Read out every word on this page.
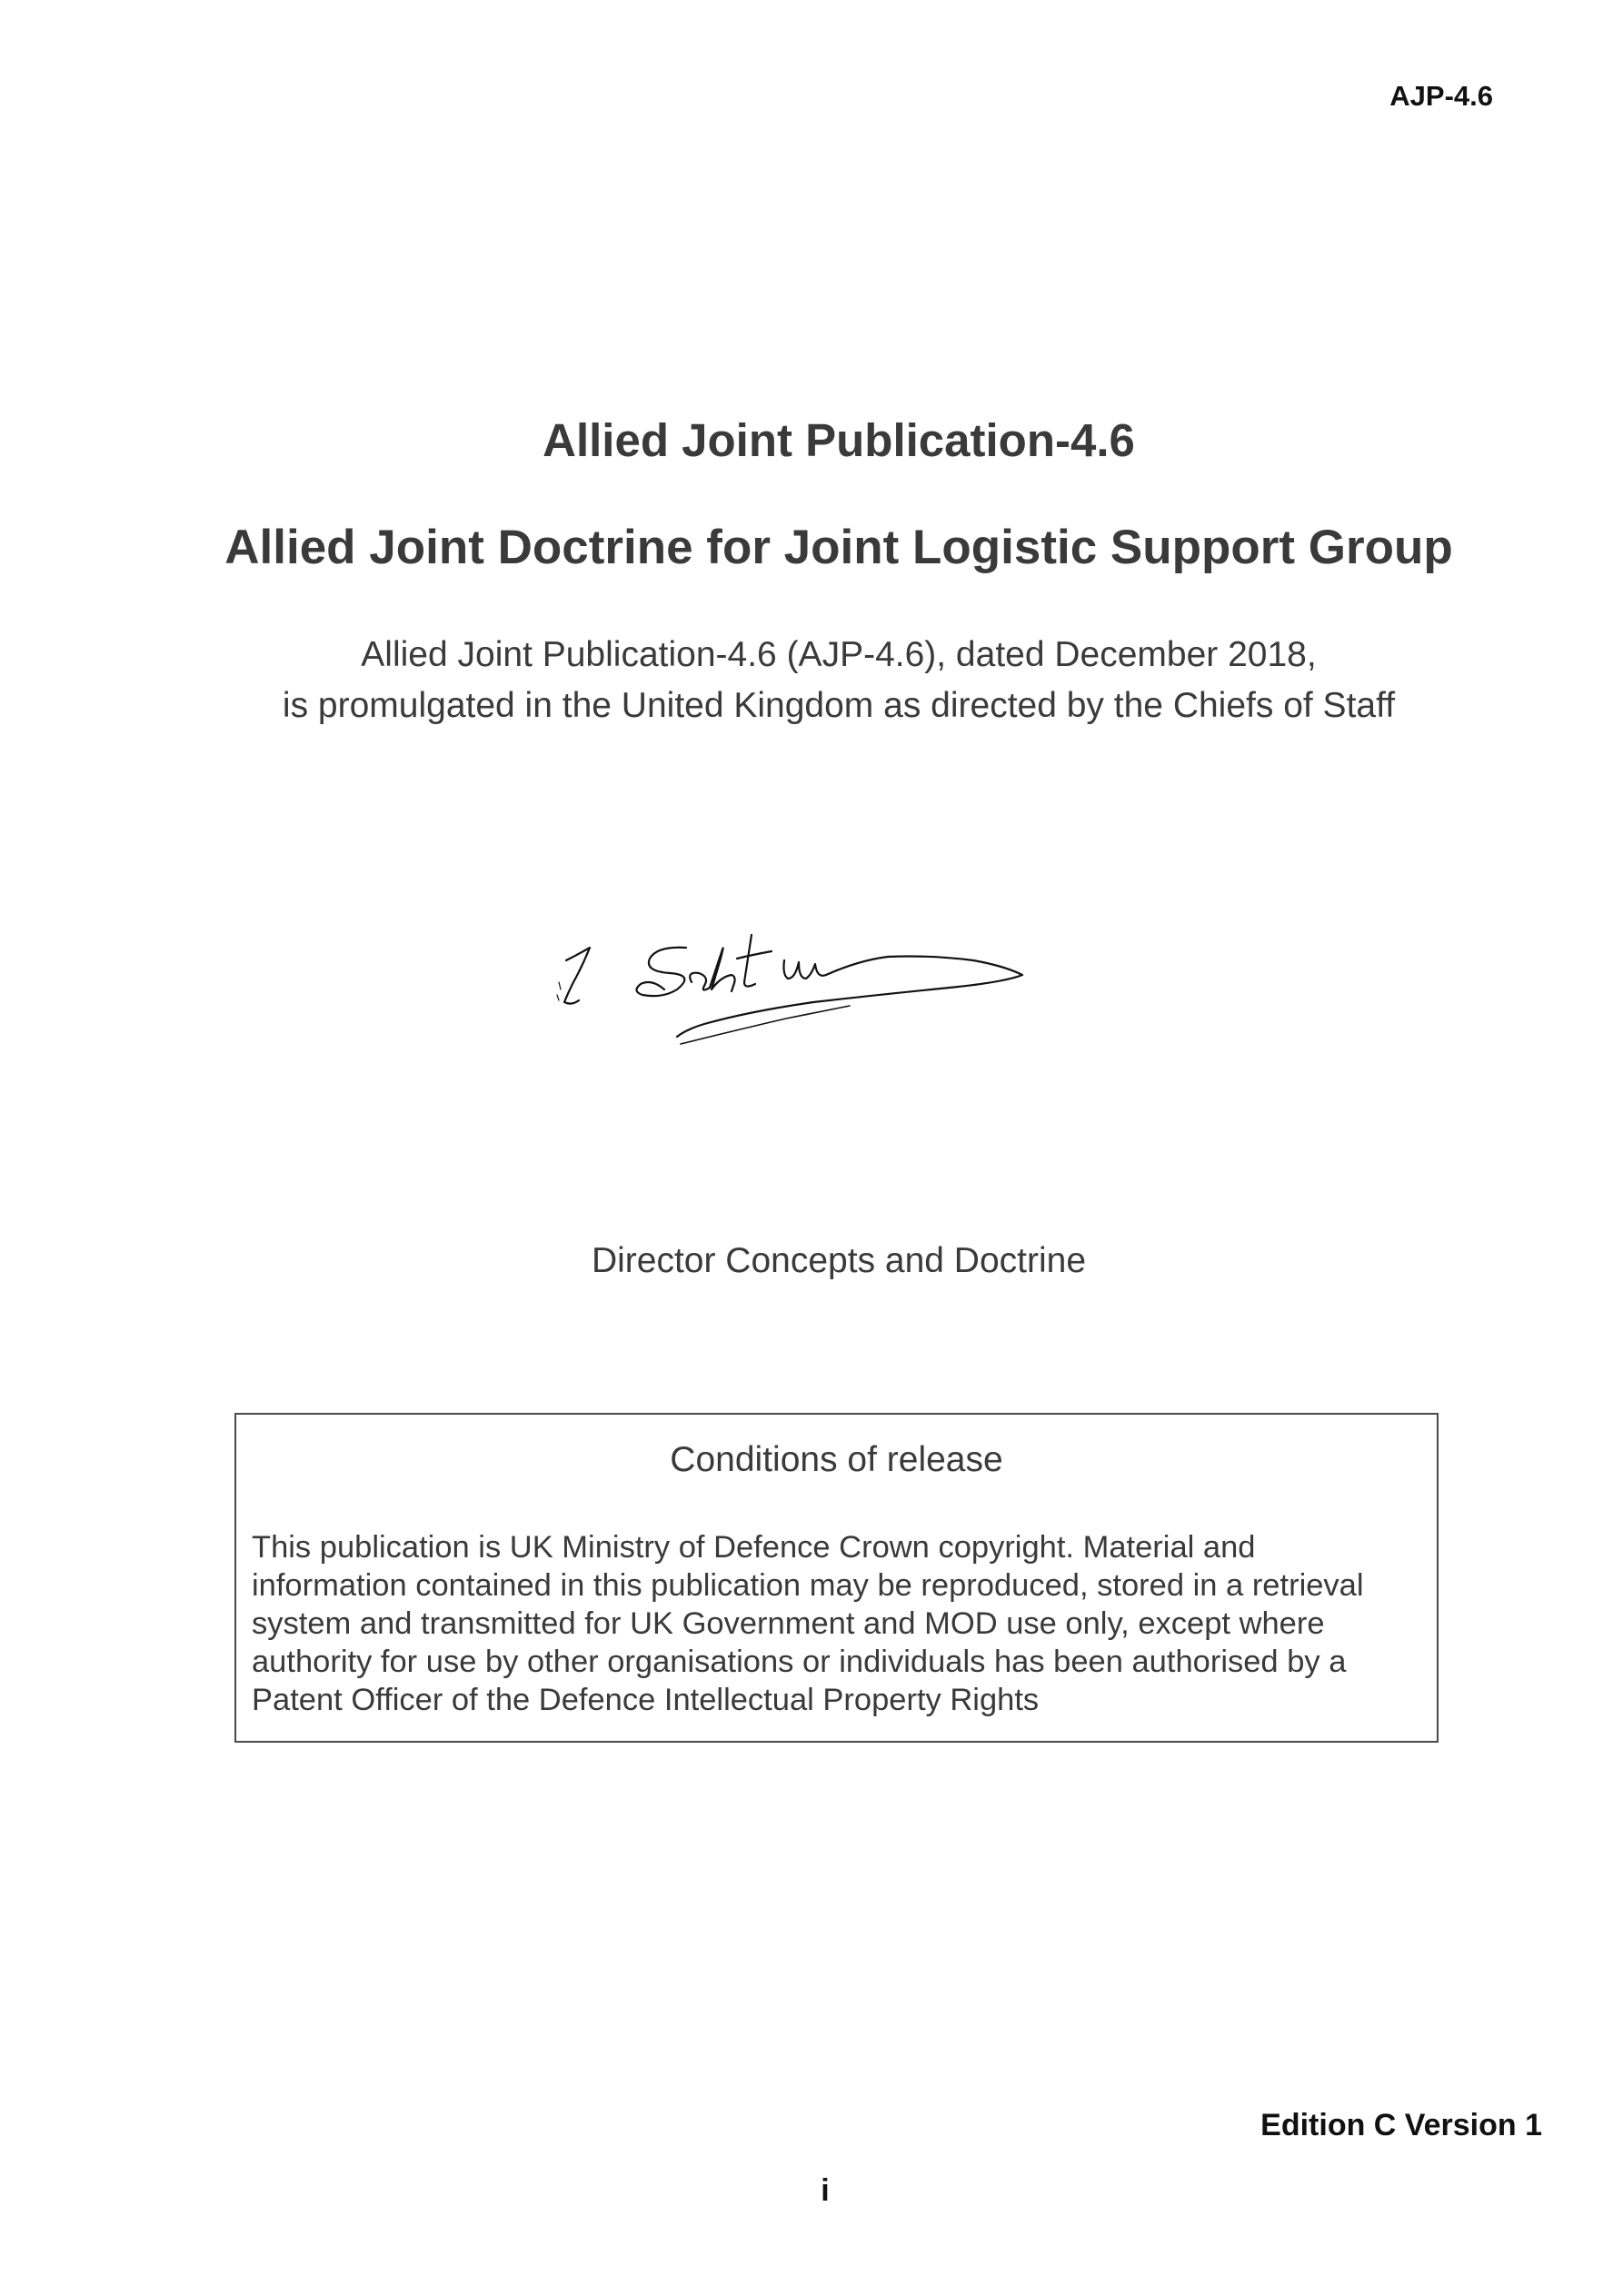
AJP-4.6
Allied Joint Publication-4.6
Allied Joint Doctrine for Joint Logistic Support Group
Allied Joint Publication-4.6 (AJP-4.6), dated December 2018,
is promulgated in the United Kingdom as directed by the Chiefs of Staff
Director Concepts and Doctrine
Conditions of release
This publication is UK Ministry of Defence Crown copyright. Material and information contained in this publication may be reproduced, stored in a retrieval system and transmitted for UK Government and MOD use only, except where authority for use by other organisations or individuals has been authorised by a Patent Officer of the Defence Intellectual Property Rights
Edition C Version 1
i
